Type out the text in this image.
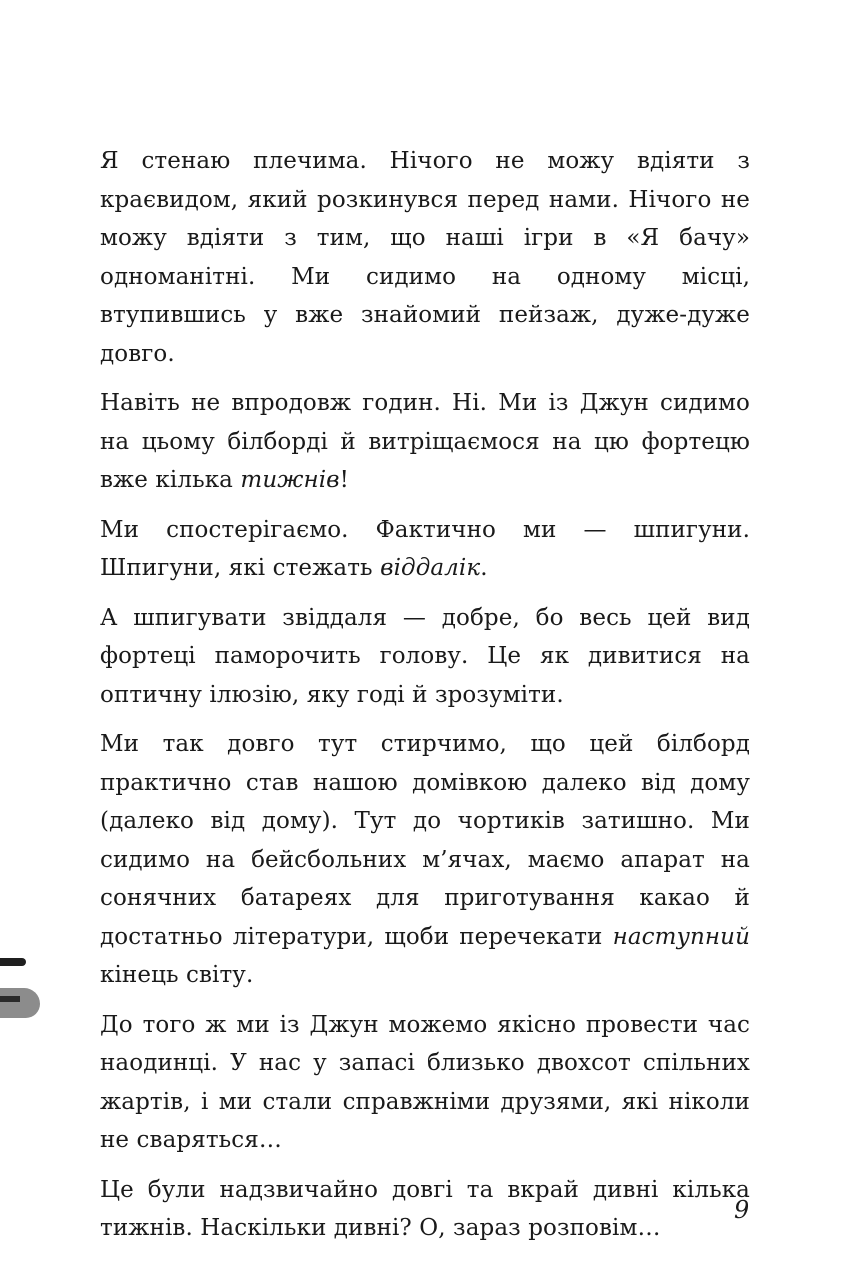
Я стенаю плечима. Нічого не можу вдіяти з краєвидом, який розкинувся перед нами. Нічого не можу вдіяти з тим, що наші ігри в «Я бачу» одноманітні. Ми сидимо на одному місці, втупившись у вже знайомий пейзаж, дуже-дуже довго.

Навіть не впродовж годин. Ні. Ми із Джун сидимо на цьому білборді й витріщаємося на цю фортецю вже кілька тижнів!

Ми спостерігаємо. Фактично ми — шпигуни. Шпигуни, які стежать віддалік.

А шпигувати звіддаля — добре, бо весь цей вид фортеці паморочить голову. Це як дивитися на оптичну ілюзію, яку годі й зрозуміти.

Ми так довго тут стирчимо, що цей білборд практично став нашою домівкою далеко від дому (далеко від дому). Тут до чортиків затишно. Ми сидимо на бейсбольних м’ячах, маємо апарат на сонячних батареях для приготування какао й достатньо літератури, щоби перечекати наступний кінець світу.

До того ж ми із Джун можемо якісно провести час наодинці. У нас у запасі близько двохсот спільних жартів, і ми стали справжніми друзями, які ніколи не сваряться…

Це були надзвичайно довгі та вкрай дивні кілька тижнів. Наскільки дивні? О, зараз розповім…

9
